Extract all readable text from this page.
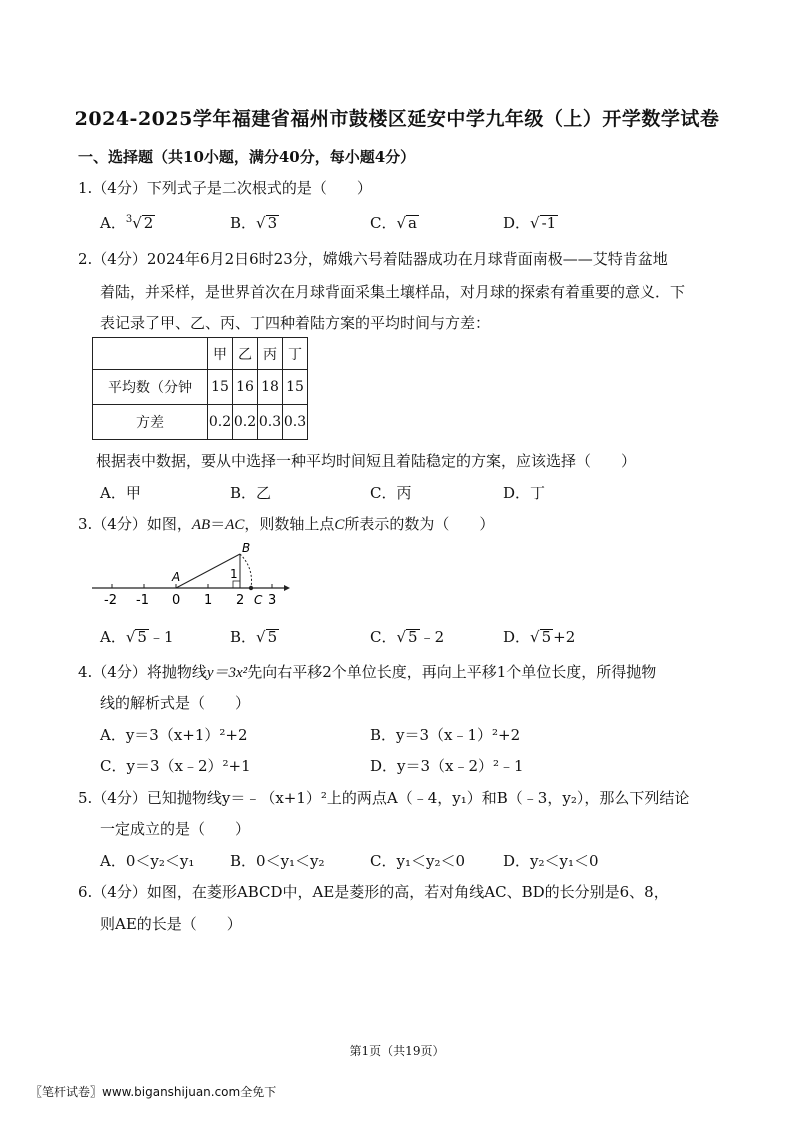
2024-2025学年福建省福州市鼓楼区延安中学九年级（上）开学数学试卷
一、选择题（共10小题，满分40分，每小题4分）
1.（4分）下列式子是二次根式的是（　　）
A．$^3$√ 2	B．√ 3	C．√ a	D．√ -1
2.（4分）2024年6月2日6时23分，嫦娥六号着陆器成功在月球背面南极——艾特肯盆地
着陆，并采样，是世界首次在月球背面采集土壤样品，对月球的探索有着重要的意义．下
表记录了甲、乙、丙、丁四种着陆方案的平均时间与方差：
	甲	乙	丙	丁
平均数（分钟	15	16	18	15
方差	0.2	0.2	0.3	0.3
根据表中数据，要从中选择一种平均时间短且着陆稳定的方案，应该选择（　　）
A．甲	B．乙	C．丙	D．丁
3.（4分）如图，AB＝AC，则数轴上点C所表示的数为（　　）
-2 -1 0 1 2 3
A
B
C
1
A．√ 5 ﹣1	B．√ 5	C．√ 5 ﹣2	D．√ 5 +2
4.（4分）将抛物线y＝3x²先向右平移2个单位长度，再向上平移1个单位长度，所得抛物
线的解析式是（　　）
A．y＝3（x+1）²+2	B．y＝3（x﹣1）²+2
C．y＝3（x﹣2）²+1	D．y＝3（x﹣2）²﹣1
5.（4分）已知抛物线y＝﹣（x+1）²上的两点A（﹣4，y₁）和B（﹣3，y₂），那么下列结论
一定成立的是（　　）
A．0＜y₂＜y₁ B．0＜y₁＜y₂	C．y₁＜y₂＜0	D．y₂＜y₁＜0
6.（4分）如图，在菱形ABCD中，AE是菱形的高，若对角线AC、BD的长分别是6、8，
则AE的长是（　　）
第1页（共19页）
〖笔杆试卷〗www.biganshijuan.com全免下
